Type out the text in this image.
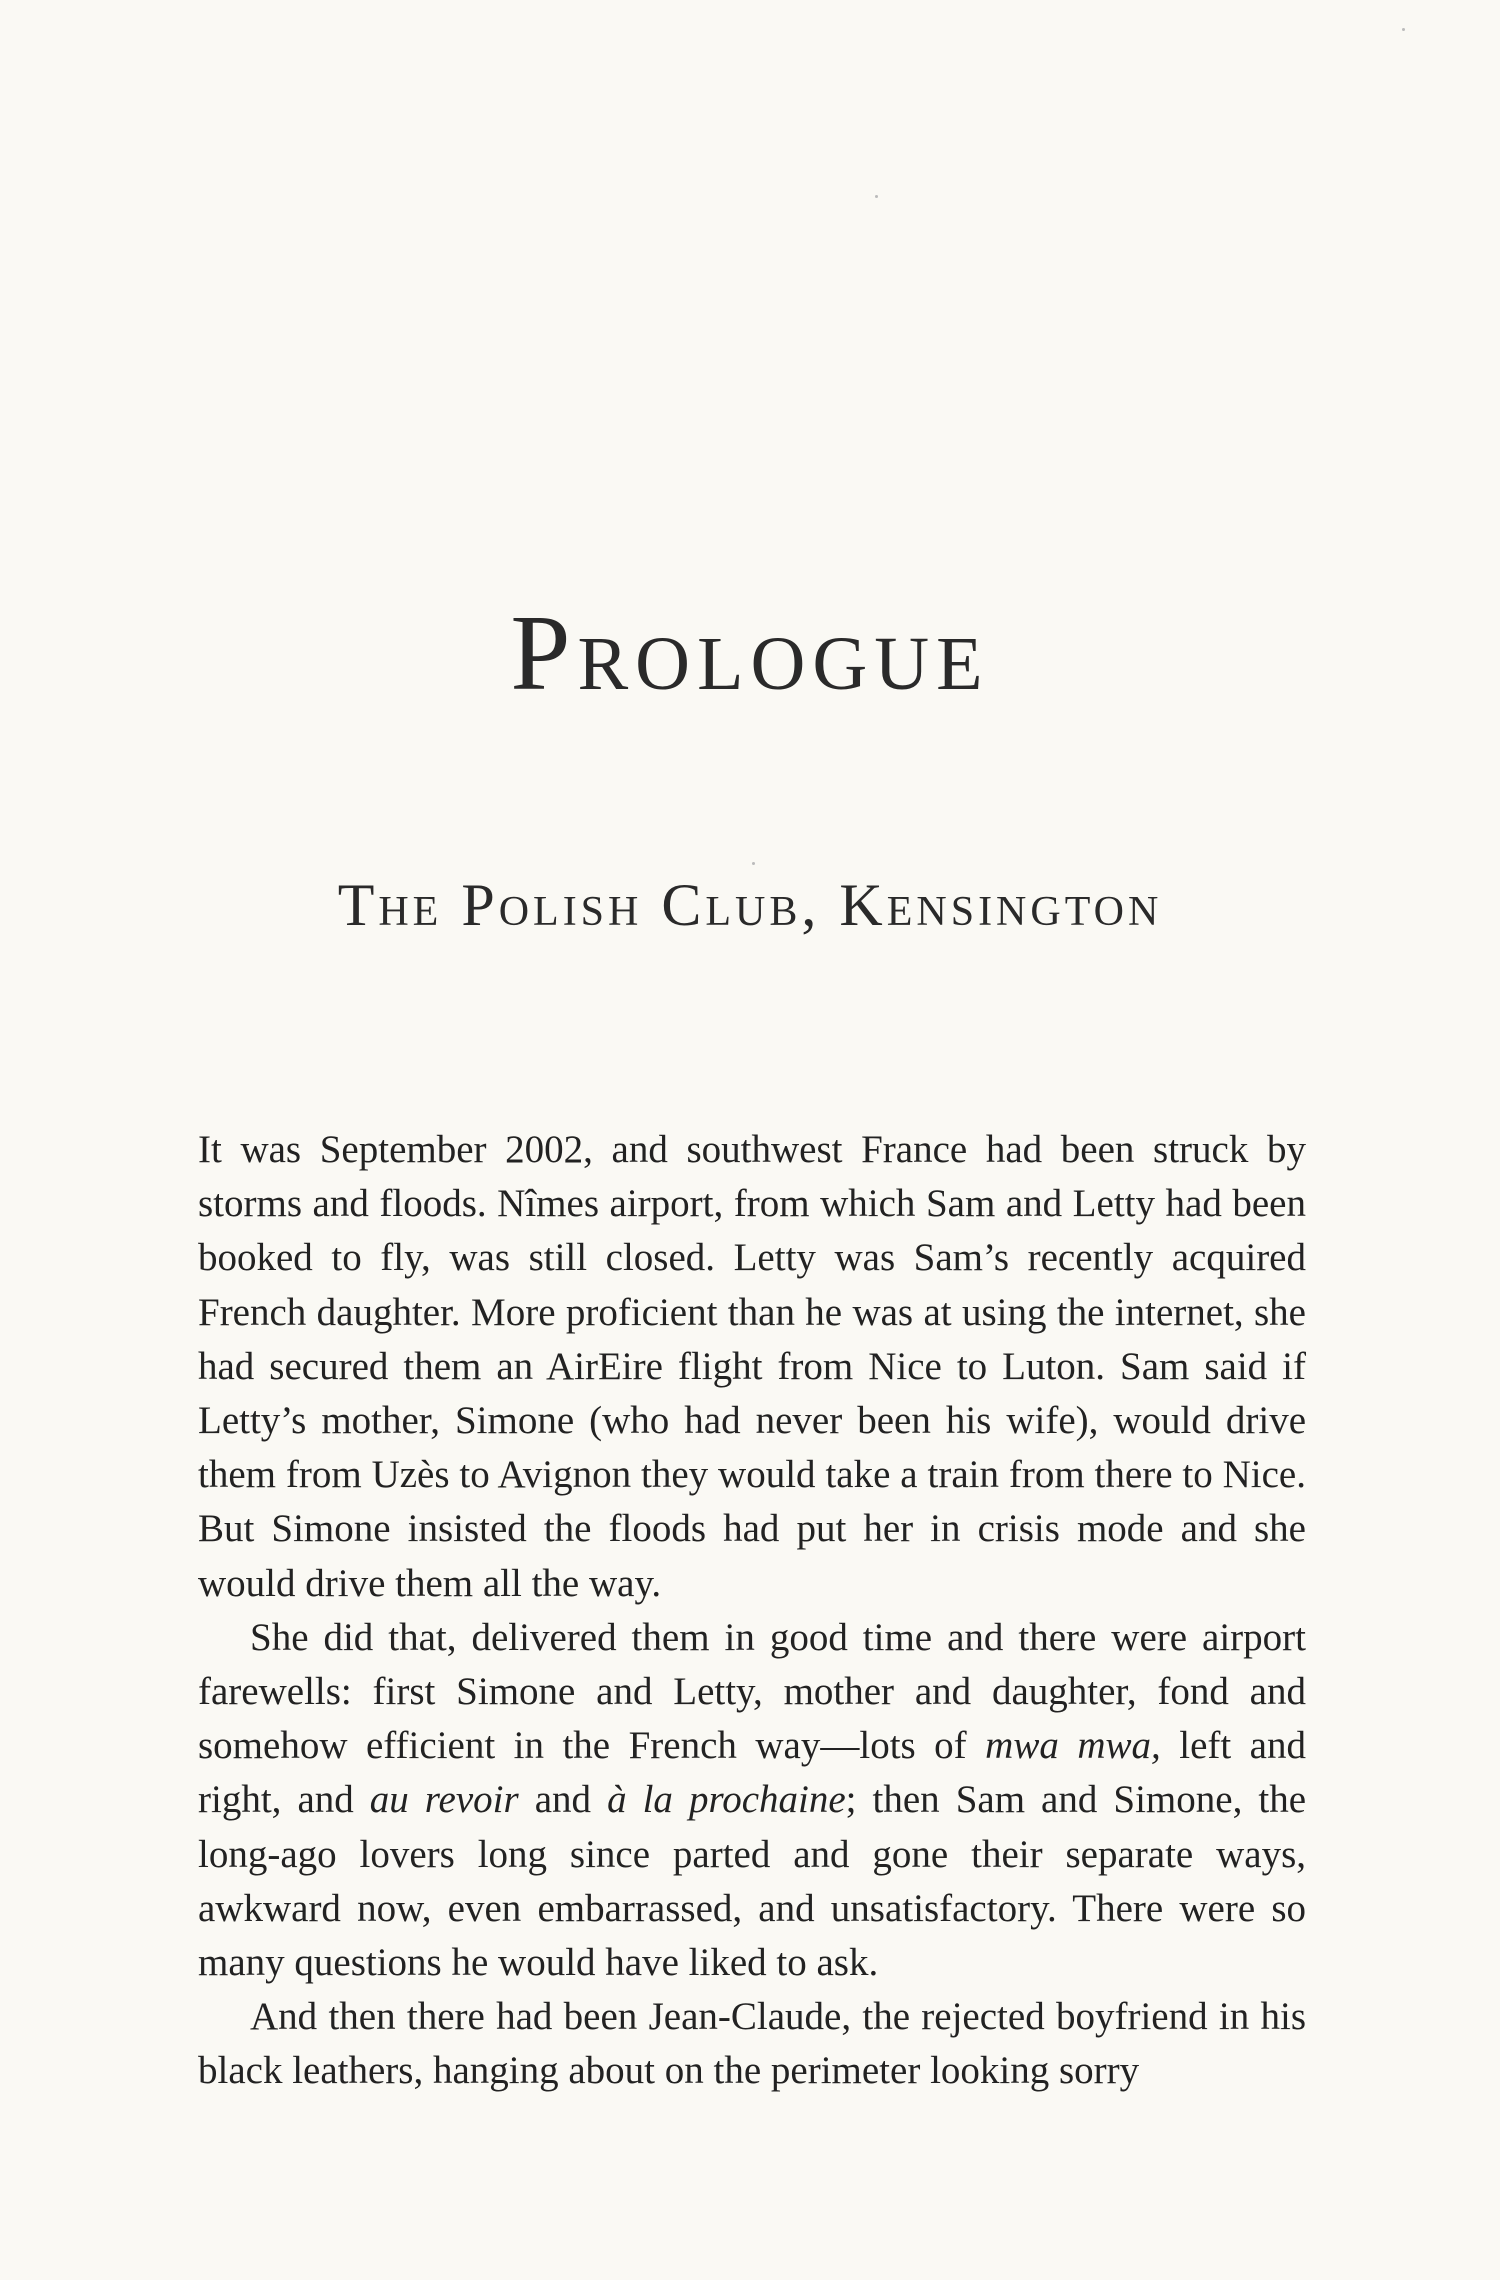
Prologue
The Polish Club, Kensington

It was September 2002, and southwest France had been struck by storms and floods. Nîmes airport, from which Sam and Letty had been booked to fly, was still closed. Letty was Sam’s recently acquired French daughter. More proficient than he was at using the internet, she had secured them an AirEire flight from Nice to Luton. Sam said if Letty’s mother, Simone (who had never been his wife), would drive them from Uzès to Avignon they would take a train from there to Nice. But Simone insisted the floods had put her in crisis mode and she would drive them all the way.

She did that, delivered them in good time and there were airport farewells: first Simone and Letty, mother and daughter, fond and somehow efficient in the French way—lots of mwa mwa, left and right, and au revoir and à la prochaine; then Sam and Simone, the long-ago lovers long since parted and gone their separate ways, awkward now, even embarrassed, and unsatisfactory. There were so many questions he would have liked to ask.

And then there had been Jean-Claude, the rejected boyfriend in his black leathers, hanging about on the perimeter looking sorry
